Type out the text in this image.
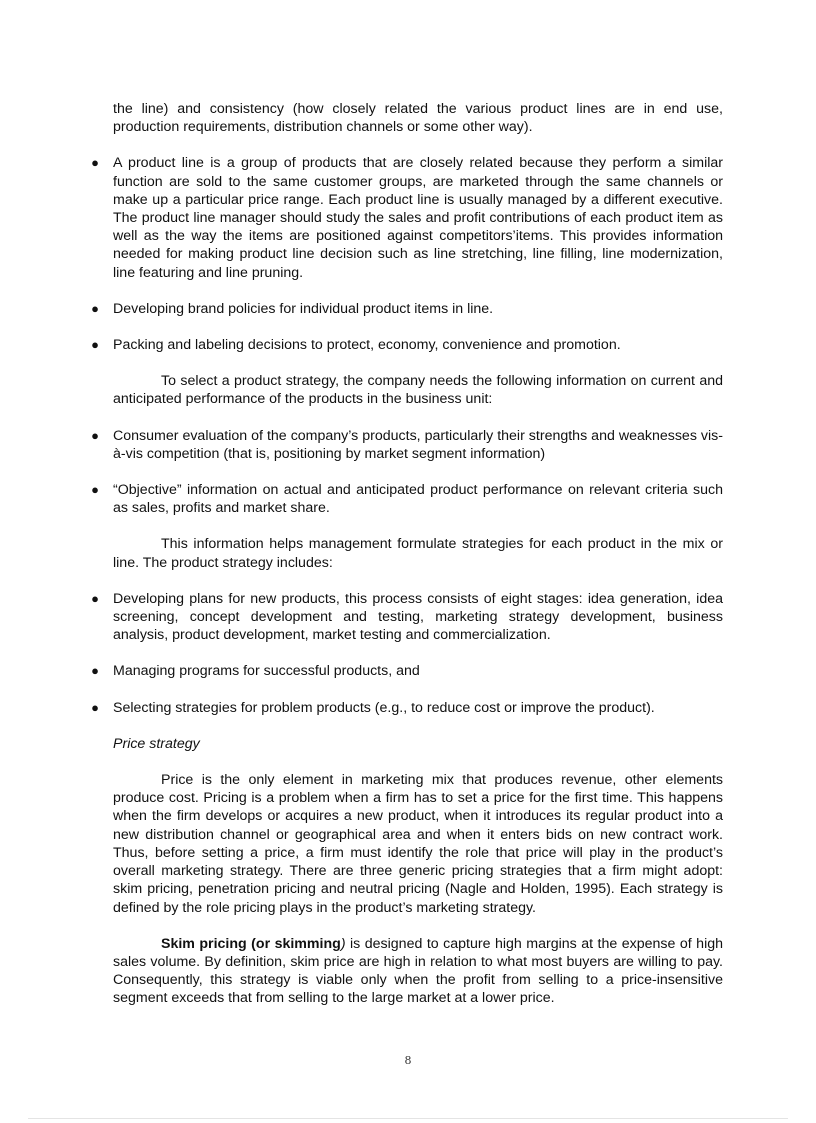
the line) and consistency (how closely related the various product lines are in end use, production requirements, distribution channels or some other way).

● A product line is a group of products that are closely related because they perform a similar function are sold to the same customer groups, are marketed through the same channels or make up a particular price range. Each product line is usually managed by a different executive. The product line manager should study the sales and profit contributions of each product item as well as the way the items are positioned against competitors’items. This provides information needed for making product line decision such as line stretching, line filling, line modernization, line featuring and line pruning.
● Developing brand policies for individual product items in line.
● Packing and labeling decisions to protect, economy, convenience and promotion.

To select a product strategy, the company needs the following information on current and anticipated performance of the products in the business unit:

● Consumer evaluation of the company’s products, particularly their strengths and weaknesses vis-à-vis competition (that is, positioning by market segment information)
● “Objective” information on actual and anticipated product performance on relevant criteria such as sales, profits and market share.

This information helps management formulate strategies for each product in the mix or line. The product strategy includes:

● Developing plans for new products, this process consists of eight stages: idea generation, idea screening, concept development and testing, marketing strategy development, business analysis, product development, market testing and commercialization.
● Managing programs for successful products, and
● Selecting strategies for problem products (e.g., to reduce cost or improve the product).

Price strategy

Price is the only element in marketing mix that produces revenue, other elements produce cost. Pricing is a problem when a firm has to set a price for the first time. This happens when the firm develops or acquires a new product, when it introduces its regular product into a new distribution channel or geographical area and when it enters bids on new contract work. Thus, before setting a price, a firm must identify the role that price will play in the product’s overall marketing strategy. There are three generic pricing strategies that a firm might adopt: skim pricing, penetration pricing and neutral pricing (Nagle and Holden, 1995). Each strategy is defined by the role pricing plays in the product’s marketing strategy.

Skim pricing (or skimming) is designed to capture high margins at the expense of high sales volume. By definition, skim price are high in relation to what most buyers are willing to pay. Consequently, this strategy is viable only when the profit from selling to a price-insensitive segment exceeds that from selling to the large market at a lower price.

8
